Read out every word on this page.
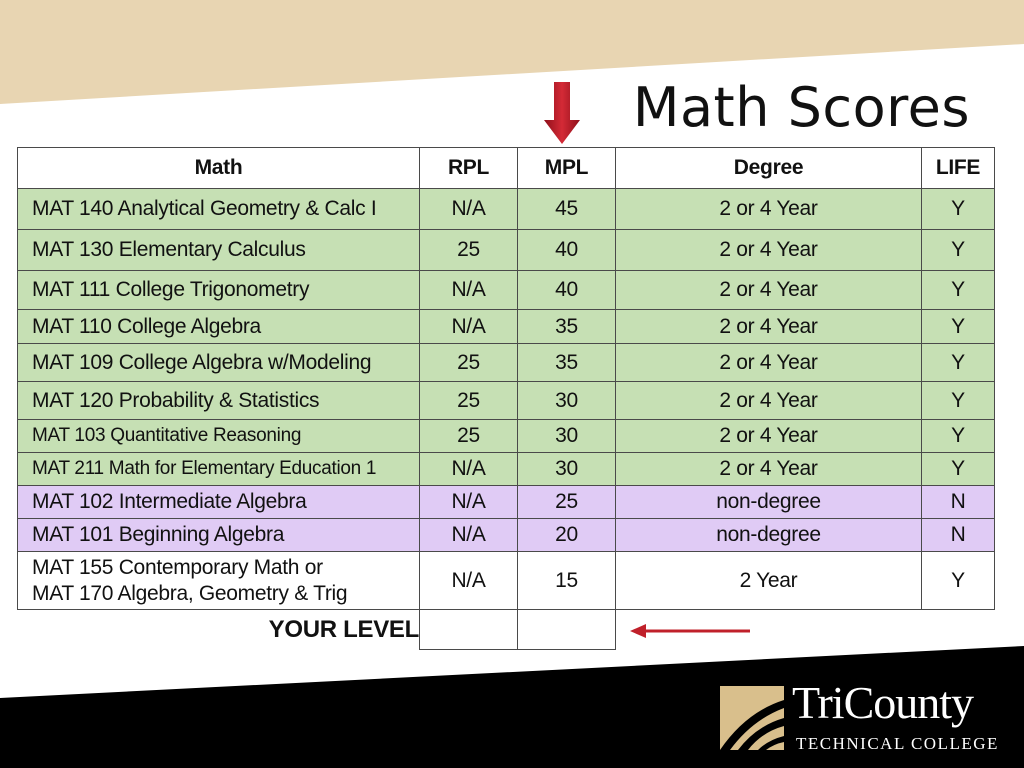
Math Scores
Math	RPL	MPL	Degree	LIFE
MAT 140 Analytical Geometry & Calc I	N/A	45	2 or 4 Year	Y
MAT 130 Elementary Calculus	25	40	2 or 4 Year	Y
MAT 111 College Trigonometry	N/A	40	2 or 4 Year	Y
MAT 110 College Algebra	N/A	35	2 or 4 Year	Y
MAT 109 College Algebra w/Modeling	25	35	2 or 4 Year	Y
MAT 120 Probability & Statistics	25	30	2 or 4 Year	Y
MAT 103 Quantitative Reasoning	25	30	2 or 4 Year	Y
MAT 211 Math for Elementary Education 1	N/A	30	2 or 4 Year	Y
MAT 102 Intermediate Algebra	N/A	25	non-degree	N
MAT 101 Beginning Algebra	N/A	20	non-degree	N

MAT 155 Contemporary Math or
MAT 170 Algebra, Geometry & Trig	N/A	15	2 Year	Y
YOUR LEVEL				
TriCounty
TECHNICAL COLLEGE
